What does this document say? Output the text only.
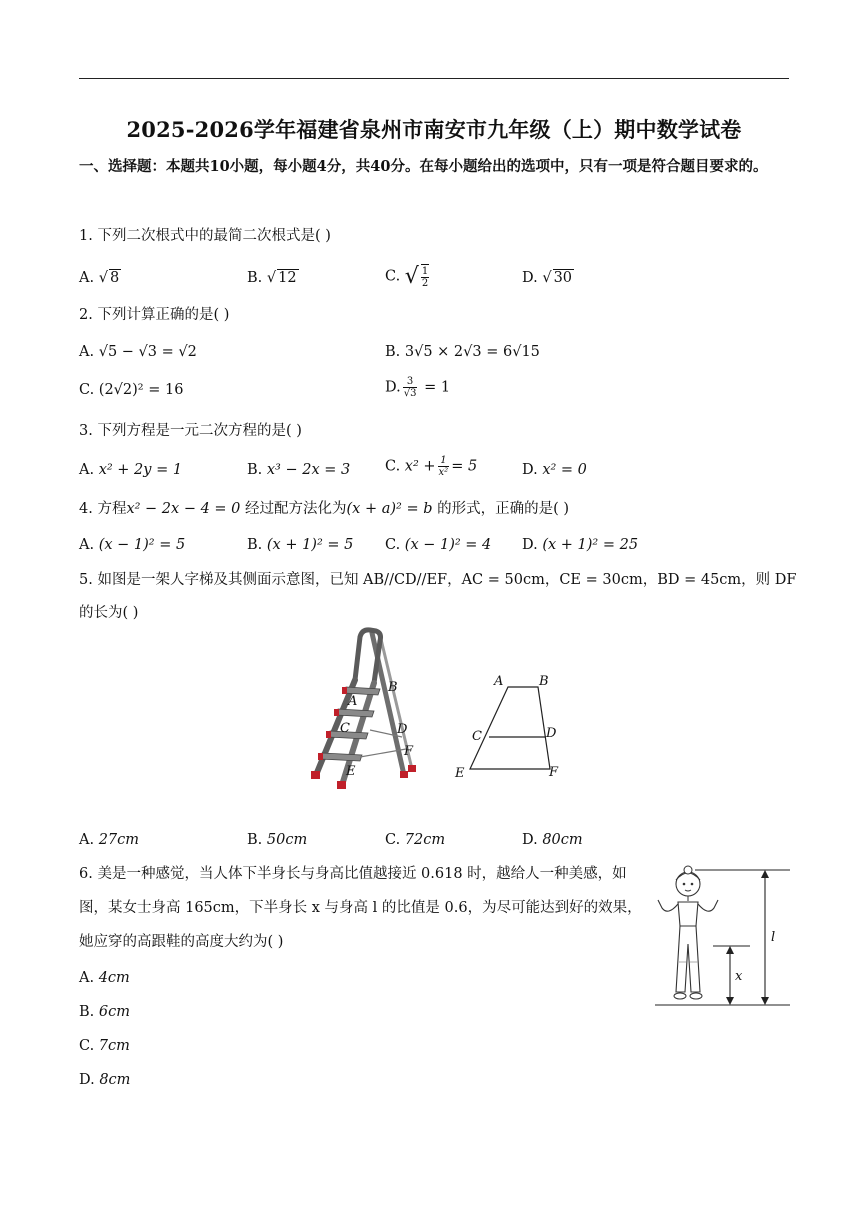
2025-2026学年福建省泉州市南安市九年级（上）期中数学试卷
一、选择题：本题共10小题，每小题4分，共40分。在每小题给出的选项中，只有一项是符合题目要求的。
1. 下列二次根式中的最简二次根式是( )
A. √ 8	B. √ 12	C. √ $\frac{1}{2}$	D. √ 30
2. 下列计算正确的是( )
A. √5 − √3 = √2	B. 3√5 × 2√3 = 6√15
C. (2√2)² = 16	D. $\frac{3}{√3} = 1$
3. 下列方程是一元二次方程的是( )
A. x² + 2y = 1	B. x³ − 2x = 3 C. $x^2 + \frac{1}{\text{x²}} = 5$	D. x² = 0
4. 方程x² − 2x − 4 = 0 经过配方法化为(x + a)² = b 的形式，正确的是( )
A. (x − 1)² = 5	B. (x + 1)² = 5 C. (x − 1)² = 4 D. (x + 1)² = 25
5. 如图是一架人字梯及其侧面示意图，已知 AB//CD//EF，AC = 50cm，CE = 30cm，BD = 45cm，则 DF
的长为( )
B
A
D
C
F
E
A	B
C	D
E	F
A. 27cm	B. 50cm	C. 72cm	D. 80cm
6. 美是一种感觉，当人体下半身长与身高比值越接近 0.618 时，越给人一种美感，如
图，某女士身高 165cm，下半身长 x 与身高 l 的比值是 0.6，为尽可能达到好的效果，
她应穿的高跟鞋的高度大约为( )
x
l
A. 4cm
B. 6cm
C. 7cm
D. 8cm
